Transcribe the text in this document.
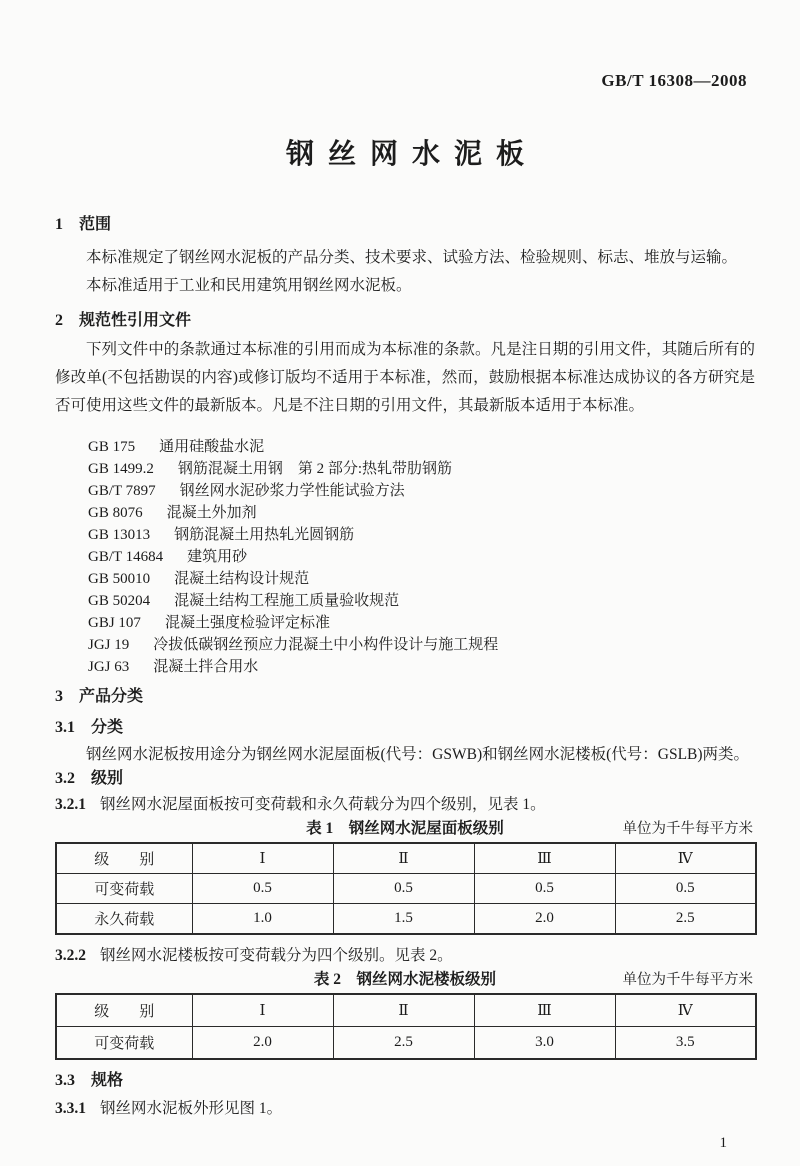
GB/T 16308—2008
钢丝网水泥板
1　范围

本标准规定了钢丝网水泥板的产品分类、技术要求、试验方法、检验规则、标志、堆放与运输。

本标准适用于工业和民用建筑用钢丝网水泥板。

2　规范性引用文件

下列文件中的条款通过本标准的引用而成为本标准的条款。凡是注日期的引用文件，其随后所有的修改单(不包括勘误的内容)或修订版均不适用于本标准，然而，鼓励根据本标准达成协议的各方研究是否可使用这些文件的最新版本。凡是不注日期的引用文件，其最新版本适用于本标准。

GB 175 通用硅酸盐水泥
GB 1499.2 钢筋混凝土用钢　第 2 部分:热轧带肋钢筋
GB/T 7897 钢丝网水泥砂浆力学性能试验方法
GB 8076 混凝土外加剂
GB 13013 钢筋混凝土用热轧光圆钢筋
GB/T 14684 建筑用砂
GB 50010 混凝土结构设计规范
GB 50204 混凝土结构工程施工质量验收规范
GBJ 107 混凝土强度检验评定标准
JGJ 19 冷拔低碳钢丝预应力混凝土中小构件设计与施工规程
JGJ 63 混凝土拌合用水
3　产品分类
3.1　分类

钢丝网水泥板按用途分为钢丝网水泥屋面板(代号：GSWB)和钢丝网水泥楼板(代号：GSLB)两类。

3.2　级别

3.2.1 钢丝网水泥屋面板按可变荷载和永久荷载分为四个级别，见表 1。

表 1　钢丝网水泥屋面板级别	单位为千牛每平方米
级　　别	Ⅰ	Ⅱ	Ⅲ	Ⅳ
可变荷载	0.5	0.5	0.5	0.5
永久荷载	1.0	1.5	2.0	2.5

3.2.2 钢丝网水泥楼板按可变荷载分为四个级别。见表 2。

表 2　钢丝网水泥楼板级别	单位为千牛每平方米
级　　别	Ⅰ	Ⅱ	Ⅲ	Ⅳ
可变荷载	2.0	2.5	3.0	3.5
3.3　规格

3.3.1 钢丝网水泥板外形见图 1。

1
